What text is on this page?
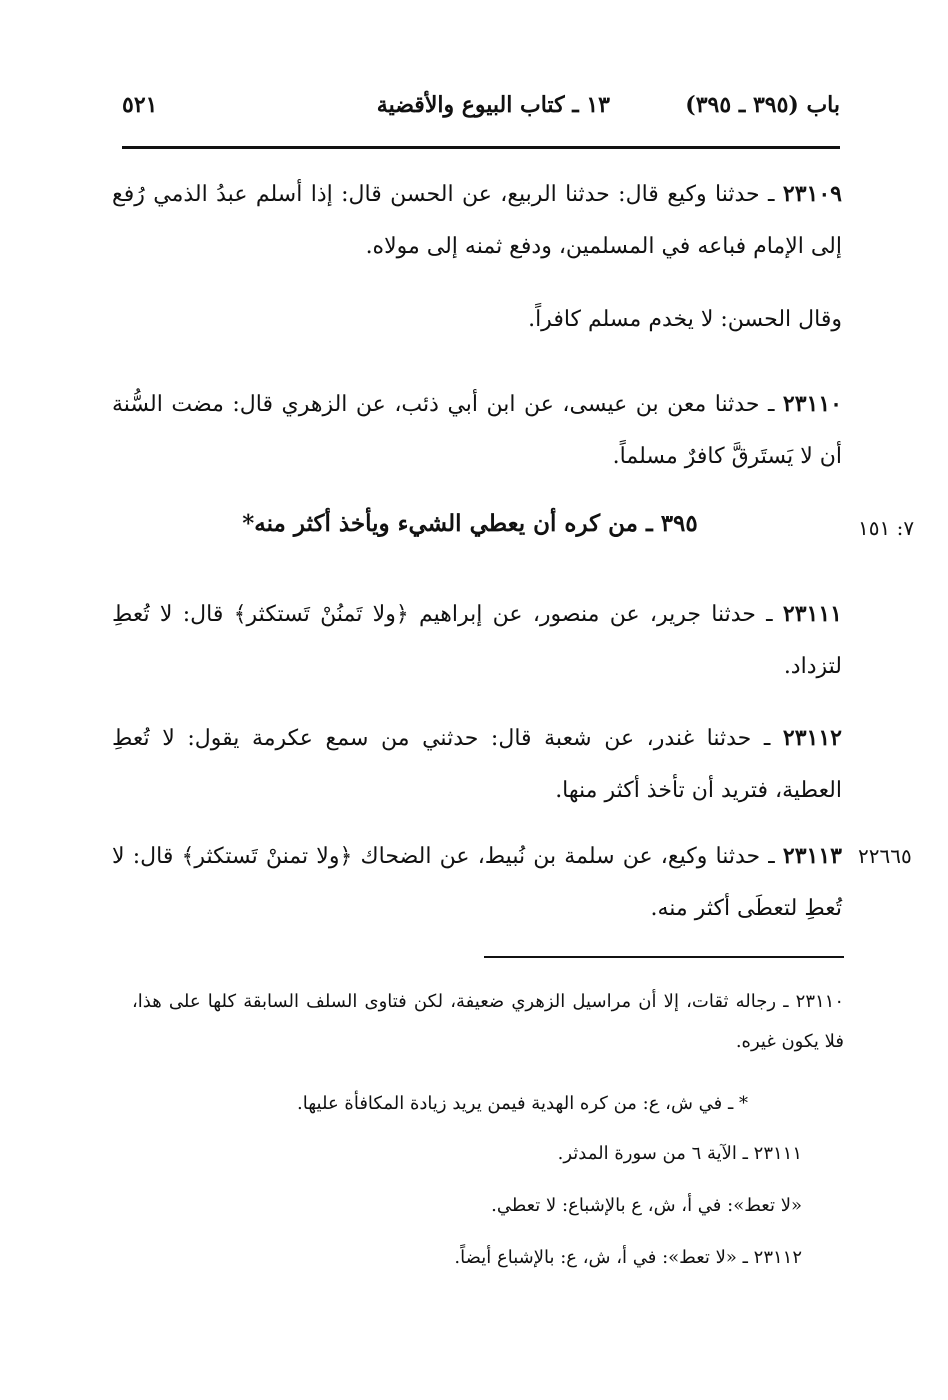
باب (٣٩٥ ـ ٣٩٥)  ١٣ ـ كتاب البيوع والأقضية
٥٢١
٢٣١٠٩ ـ حدثنا وكيع قال: حدثنا الربيع، عن الحسن قال: إذا أسلم عبدُ الذمي رُفع إلى الإمام فباعه في المسلمين، ودفع ثمنه إلى مولاه.
وقال الحسن: لا يخدم مسلم كافراً.
٢٣١١٠ ـ حدثنا معن بن عيسى، عن ابن أبي ذئب، عن الزهري قال: مضت السُّنة أن لا يَستَرقَّ كافرٌ مسلماً.
٧: ١٥١
٣٩٥ ـ من كره أن يعطي الشيء ويأخذ أكثر منه*
٢٣١١١ ـ حدثنا جرير، عن منصور، عن إبراهيم ﴿ولا تَمنُنْ تَستكثر﴾ قال: لا تُعطِ لتزداد.
٢٣١١٢ ـ حدثنا غندر، عن شعبة قال: حدثني من سمع عكرمة يقول: لا تُعطِ العطية، فتريد أن تأخذ أكثر منها.
٢٢٦٦٥
٢٣١١٣ ـ حدثنا وكيع، عن سلمة بن نُبيط، عن الضحاك ﴿ولا تمننْ تَستكثر﴾ قال: لا تُعطِ لتعطَى أكثر منه.
٢٣١١٠ ـ رجاله ثقات، إلا أن مراسيل الزهري ضعيفة، لكن فتاوى السلف السابقة كلها على هذا، فلا يكون غيره.
* ـ في ش، ع: من كره الهدية فيمن يريد زيادة المكافأة عليها.
٢٣١١١ ـ الآية ٦ من سورة المدثر.
«لا تعط»: في أ، ش، ع بالإشباع: لا تعطي.
٢٣١١٢ ـ «لا تعط»: في أ، ش، ع: بالإشباع أيضاً.
